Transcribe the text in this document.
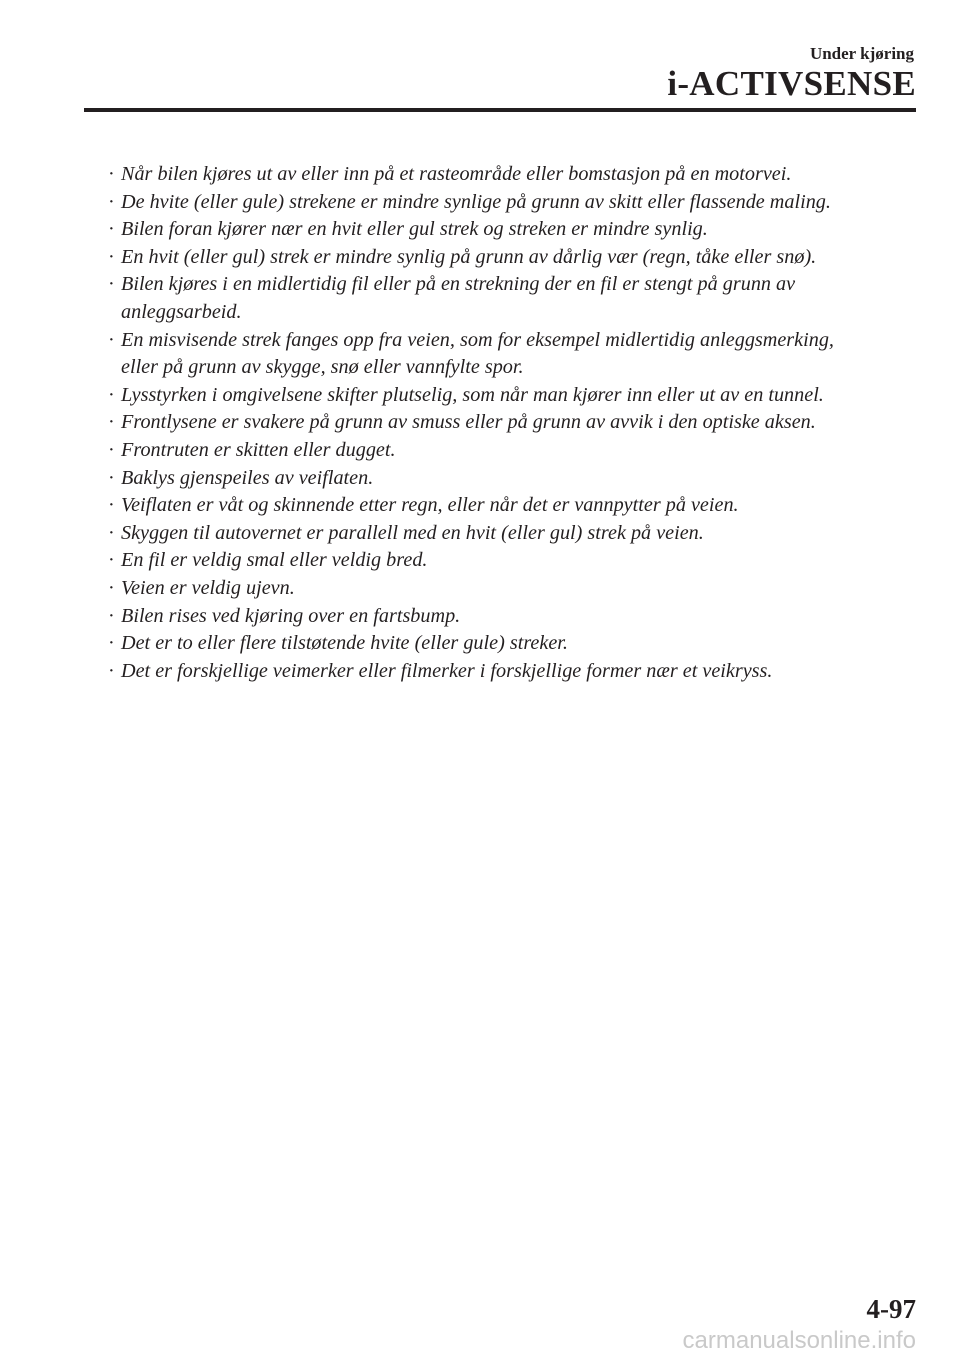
Under kjøring
i-ACTIVSENSE
· Når bilen kjøres ut av eller inn på et rasteområde eller bomstasjon på en motorvei.
· De hvite (eller gule) strekene er mindre synlige på grunn av skitt eller flassende maling.
· Bilen foran kjører nær en hvit eller gul strek og streken er mindre synlig.
· En hvit (eller gul) strek er mindre synlig på grunn av dårlig vær (regn, tåke eller snø).
· Bilen kjøres i en midlertidig fil eller på en strekning der en fil er stengt på grunn av
anleggsarbeid.
· En misvisende strek fanges opp fra veien, som for eksempel midlertidig anleggsmerking,
eller på grunn av skygge, snø eller vannfylte spor.
· Lysstyrken i omgivelsene skifter plutselig, som når man kjører inn eller ut av en tunnel.
· Frontlysene er svakere på grunn av smuss eller på grunn av avvik i den optiske aksen.
· Frontruten er skitten eller dugget.
· Baklys gjenspeiles av veiflaten.
· Veiflaten er våt og skinnende etter regn, eller når det er vannpytter på veien.
· Skyggen til autovernet er parallell med en hvit (eller gul) strek på veien.
· En fil er veldig smal eller veldig bred.
· Veien er veldig ujevn.
· Bilen rises ved kjøring over en fartsbump.
· Det er to eller flere tilstøtende hvite (eller gule) streker.
· Det er forskjellige veimerker eller filmerker i forskjellige former nær et veikryss.
4-97
carmanualsonline.info
